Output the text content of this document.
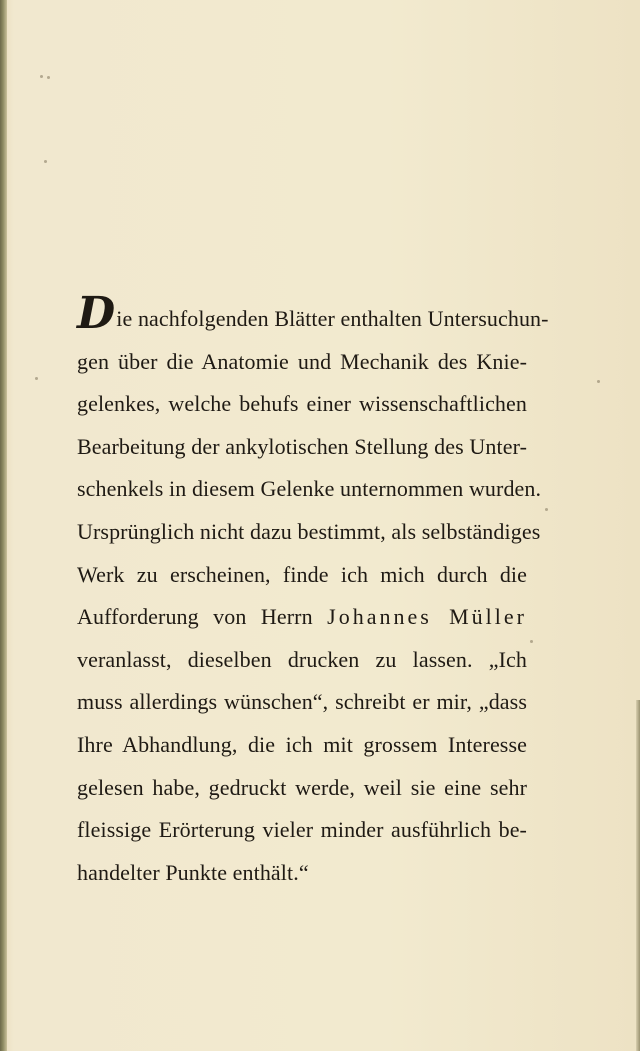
Die nachfolgenden Blätter enthalten Untersuchun-
gen über die Anatomie und Mechanik des Knie-
gelenkes, welche behufs einer wissenschaftlichen
Bearbeitung der ankylotischen Stellung des Unter-
schenkels in diesem Gelenke unternommen wurden.
Ursprünglich nicht dazu bestimmt, als selbständiges
Werk zu erscheinen, finde ich mich durch die
Aufforderung von Herrn Johannes Müller
veranlasst, dieselben drucken zu lassen. „Ich
muss allerdings wünschen“, schreibt er mir, „dass
Ihre Abhandlung, die ich mit grossem Interesse
gelesen habe, gedruckt werde, weil sie eine sehr
fleissige Erörterung vieler minder ausführlich be-
handelter Punkte enthält.“
